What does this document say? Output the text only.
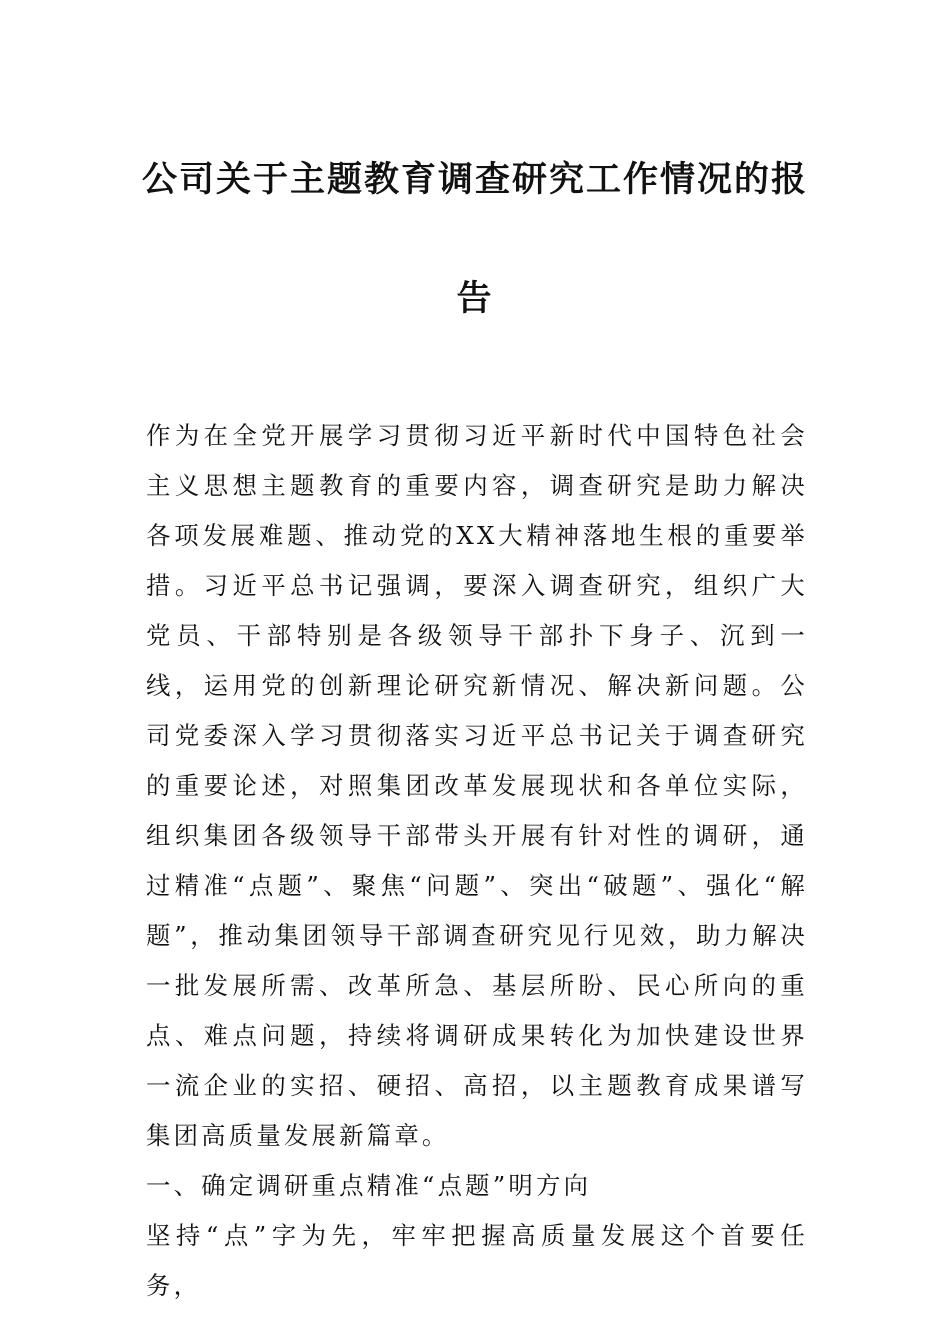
公司关于主题教育调查研究工作情况的报
告

作为在全党开展学习贯彻习近平新时代中国特色社会主义思想主题教育的重要内容，调查研究是助力解决各项发展难题、推动党的XX大精神落地生根的重要举措。习近平总书记强调，要深入调查研究，组织广大党员、干部特别是各级领导干部扑下身子、沉到一线，运用党的创新理论研究新情况、解决新问题。公司党委深入学习贯彻落实习近平总书记关于调查研究的重要论述，对照集团改革发展现状和各单位实际，组织集团各级领导干部带头开展有针对性的调研，通过精准“点题”、聚焦“问题”、突出“破题”、强化“解题”，推动集团领导干部调查研究见行见效，助力解决一批发展所需、改革所急、基层所盼、民心所向的重点、难点问题，持续将调研成果转化为加快建设世界一流企业的实招、硬招、高招，以主题教育成果谱写集团高质量发展新篇章。

一、确定调研重点精准“点题”明方向

坚持“点”字为先，牢牢把握高质量发展这个首要任务，
